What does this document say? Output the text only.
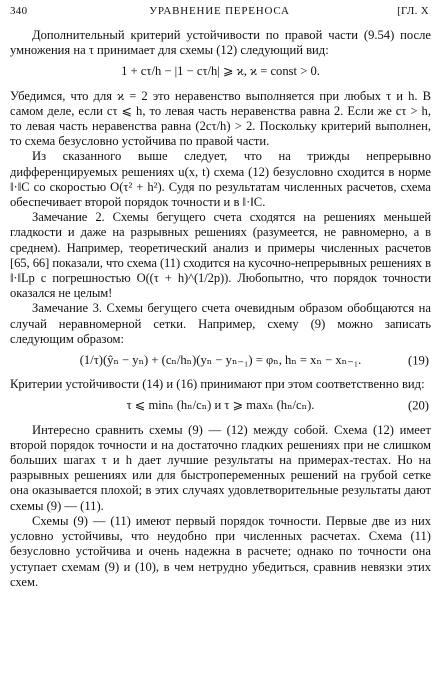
340	УРАВНЕНИЕ ПЕРЕНОСА	[ГЛ. X

Дополнительный критерий устойчивости по правой части (9.54) после умножения на τ принимает для схемы (12) следующий вид:

1 + cτ/h − |1 − cτ/h| ⩾ ϰ, ϰ = const > 0.

Убедимся, что для ϰ = 2 это неравенство выполняется при любых τ и h. В самом деле, если cτ ⩽ h, то левая часть неравенства равна 2. Если же cτ > h, то левая часть неравенства равна (2cτ/h) > 2. Поскольку критерий выполнен, то схема безусловно устойчива по правой части.

Из сказанного выше следует, что на трижды непрерывно дифференцируемых решениях u(x, t) схема (12) безусловно сходится в норме ‖·‖C со скоростью O(τ² + h²). Судя по результатам численных расчетов, схема обеспечивает второй порядок точности и в ‖·‖C.

Замечание 2. Схемы бегущего счета сходятся на решениях меньшей гладкости и даже на разрывных решениях (разумеется, не равномерно, а в среднем). Например, теоретический анализ и примеры численных расчетов [65, 66] показали, что схема (11) сходится на кусочно-непрерывных решениях в ‖·‖Lp с погрешностью O((τ + h)^(1/2p)). Любопытно, что порядок точности оказался не целым!

Замечание 3. Схемы бегущего счета очевидным образом обобщаются на случай неравномерной сетки. Например, схему (9) можно записать следующим образом:

(1/τ)(ŷₙ − yₙ) + (cₙ/hₙ)(yₙ − yₙ₋₁) = φₙ, hₙ = xₙ − xₙ₋₁.	(19)

Критерии устойчивости (14) и (16) принимают при этом соответственно вид:

τ ⩽ minₙ (hₙ/cₙ) и τ ⩾ maxₙ (hₙ/cₙ).	(20)

Интересно сравнить схемы (9) — (12) между собой. Схема (12) имеет второй порядок точности и на достаточно гладких решениях при не слишком больших шагах τ и h дает лучшие результаты на примерах-тестах. Но на разрывных решениях или для быстропеременных решений на грубой сетке она оказывается плохой; в этих случаях удовлетворительные результаты дают схемы (9) — (11).

Схемы (9) — (11) имеют первый порядок точности. Первые две из них условно устойчивы, что неудобно при численных расчетах. Схема (11) безусловно устойчива и очень надежна в расчете; однако по точности она уступает схемам (9) и (10), в чем нетрудно убедиться, сравнив невязки этих схем.
